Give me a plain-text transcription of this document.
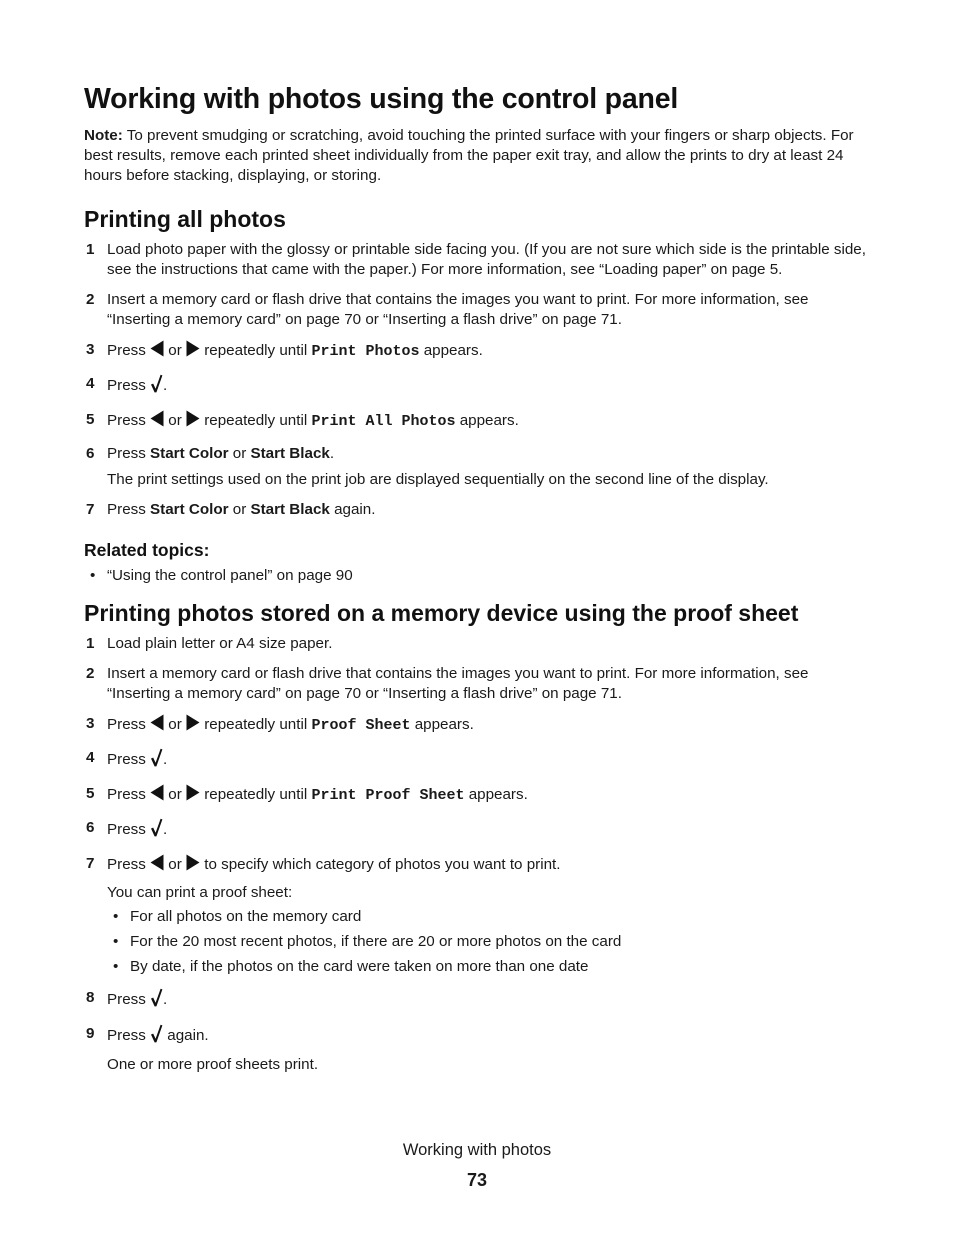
Working with photos using the control panel

Note: To prevent smudging or scratching, avoid touching the printed surface with your fingers or sharp objects. For best results, remove each printed sheet individually from the paper exit tray, and allow the prints to dry at least 24 hours before stacking, displaying, or storing.

Printing all photos
1 Load photo paper with the glossy or printable side facing you. (If you are not sure which side is the printable side, see the instructions that came with the paper.) For more information, see “Loading paper” on page 5.

2 Insert a memory card or flash drive that contains the images you want to print. For more information, see “Inserting a memory card” on page 70 or “Inserting a flash drive” on page 71.

3 Press  or  repeatedly until Print Photos appears.

4 Press .

5 Press  or  repeatedly until Print All Photos appears.

6 Press Start Color or Start Black.

The print settings used on the print job are displayed sequentially on the second line of the display.

7 Press Start Color or Start Black again.

Related topics:
• “Using the control panel” on page 90
Printing photos stored on a memory device using the proof sheet
1 Load plain letter or A4 size paper.

2 Insert a memory card or flash drive that contains the images you want to print. For more information, see “Inserting a memory card” on page 70 or “Inserting a flash drive” on page 71.

3 Press  or  repeatedly until Proof Sheet appears.

4 Press .

5 Press  or  repeatedly until Print Proof Sheet appears.

6 Press .

7 Press  or  to specify which category of photos you want to print.

You can print a proof sheet:

• For all photos on the memory card
• For the 20 most recent photos, if there are 20 or more photos on the card
• By date, if the photos on the card were taken on more than one date
8 Press .

9 Press  again.

One or more proof sheets print.

Working with photos
73
